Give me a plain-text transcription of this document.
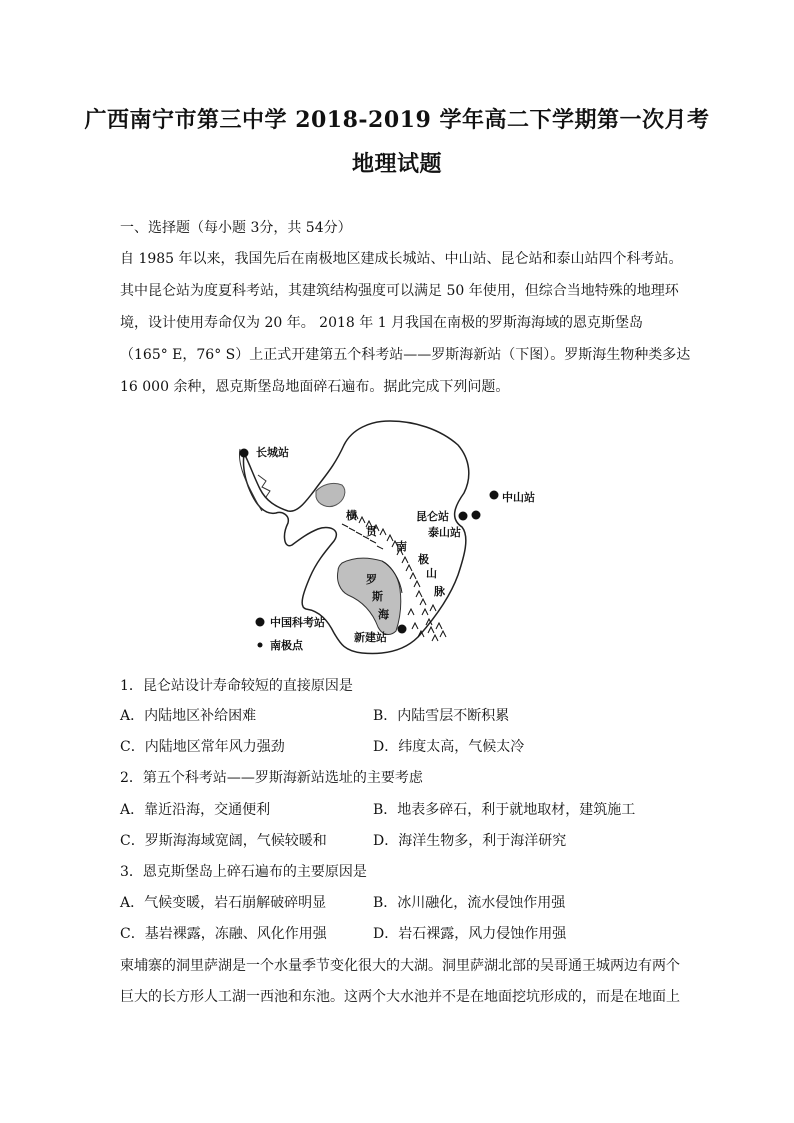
广西南宁市第三中学 2018-2019 学年高二下学期第一次月考
地理试题
一、选择题（每小题 3分，共 54分）
自 1985 年以来，我国先后在南极地区建成长城站、中山站、昆仑站和泰山站四个科考站。
其中昆仑站为度夏科考站，其建筑结构强度可以满足 50 年使用，但综合当地特殊的地理环
境，设计使用寿命仅为 20 年。 2018 年 1 月我国在南极的罗斯海海域的恩克斯堡岛
（165° E，76° S）上正式开建第五个科考站——罗斯海新站（下图）。罗斯海生物种类多达
16 000 余种，恩克斯堡岛地面碎石遍布。据此完成下列问题。
长城站
昆仑站
中山站
泰山站
新建站
横
贯
南
极
山
脉
罗
斯
海
中国科考站
南极点
1．昆仑站设计寿命较短的直接原因是
A．内陆地区补给困难	B．内陆雪层不断积累
C．内陆地区常年风力强劲	D．纬度太高，气候太冷
2．第五个科考站——罗斯海新站选址的主要考虑
A．靠近沿海，交通便利	B．地表多碎石，利于就地取材，建筑施工
C．罗斯海海域宽阔，气候较暖和	D．海洋生物多，利于海洋研究
3．恩克斯堡岛上碎石遍布的主要原因是
A．气候变暖，岩石崩解破碎明显	B．冰川融化，流水侵蚀作用强
C．基岩裸露，冻融、风化作用强	D．岩石裸露，风力侵蚀作用强
柬埔寨的洞里萨湖是一个水量季节变化很大的大湖。洞里萨湖北部的吴哥通王城两边有两个
巨大的长方形人工湖一西池和东池。这两个大水池并不是在地面挖坑形成的，而是在地面上
